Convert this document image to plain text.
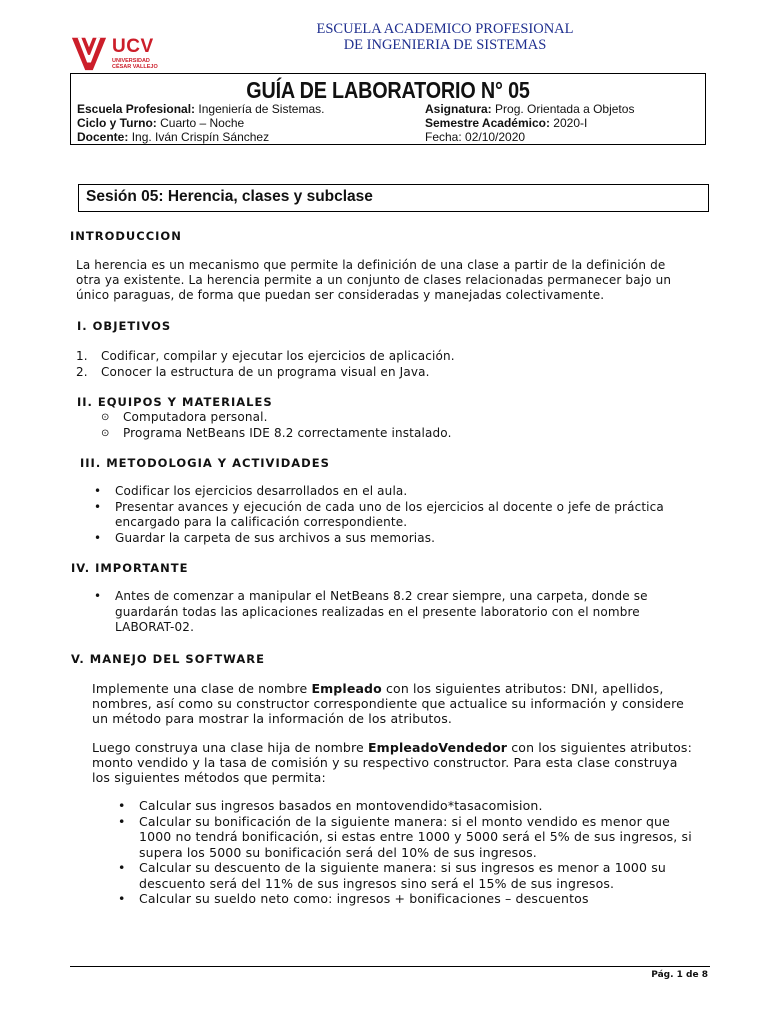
UCV
UNIVERSIDAD
CÉSAR VALLEJO
ESCUELA ACADEMICO PROFESIONAL
DE INGENIERIA DE SISTEMAS
GUÍA DE LABORATORIO N° 05
Escuela Profesional: Ingeniería de Sistemas.
Ciclo y Turno: Cuarto – Noche
Docente: Ing. Iván Crispín Sánchez
Asignatura: Prog. Orientada a Objetos
Semestre Académico: 2020-I
Fecha: 02/10/2020
Sesión 05: Herencia, clases y subclase
INTRODUCCION
La herencia es un mecanismo que permite la definición de una clase a partir de la definición de
otra ya existente. La herencia permite a un conjunto de clases relacionadas permanecer bajo un
único paraguas, de forma que puedan ser consideradas y manejadas colectivamente.
I. OBJETIVOS
1. Codificar, compilar y ejecutar los ejercicios de aplicación.
2. Conocer la estructura de un programa visual en Java.
II. EQUIPOS Y MATERIALES
⊙ Computadora personal.
⊙ Programa NetBeans IDE 8.2 correctamente instalado.
III. METODOLOGIA Y ACTIVIDADES
• Codificar los ejercicios desarrollados en el aula.
• Presentar avances y ejecución de cada uno de los ejercicios al docente o jefe de práctica
encargado para la calificación correspondiente.
• Guardar la carpeta de sus archivos a sus memorias.
IV. IMPORTANTE
• Antes de comenzar a manipular el NetBeans 8.2 crear siempre, una carpeta, donde se
guardarán todas las aplicaciones realizadas en el presente laboratorio con el nombre
LABORAT-02.
V. MANEJO DEL SOFTWARE
Implemente una clase de nombre Empleado con los siguientes atributos: DNI, apellidos,
nombres, así como su constructor correspondiente que actualice su información y considere
un método para mostrar la información de los atributos.
Luego construya una clase hija de nombre EmpleadoVendedor con los siguientes atributos:
monto vendido y la tasa de comisión y su respectivo constructor. Para esta clase construya
los siguientes métodos que permita:
• Calcular sus ingresos basados en montovendido*tasacomision.
• Calcular su bonificación de la siguiente manera: si el monto vendido es menor que
1000 no tendrá bonificación, si estas entre 1000 y 5000 será el 5% de sus ingresos, si
supera los 5000 su bonificación será del 10% de sus ingresos.
• Calcular su descuento de la siguiente manera: si sus ingresos es menor a 1000 su
descuento será del 11% de sus ingresos sino será el 15% de sus ingresos.
• Calcular su sueldo neto como: ingresos + bonificaciones – descuentos
Pág. 1 de 8
